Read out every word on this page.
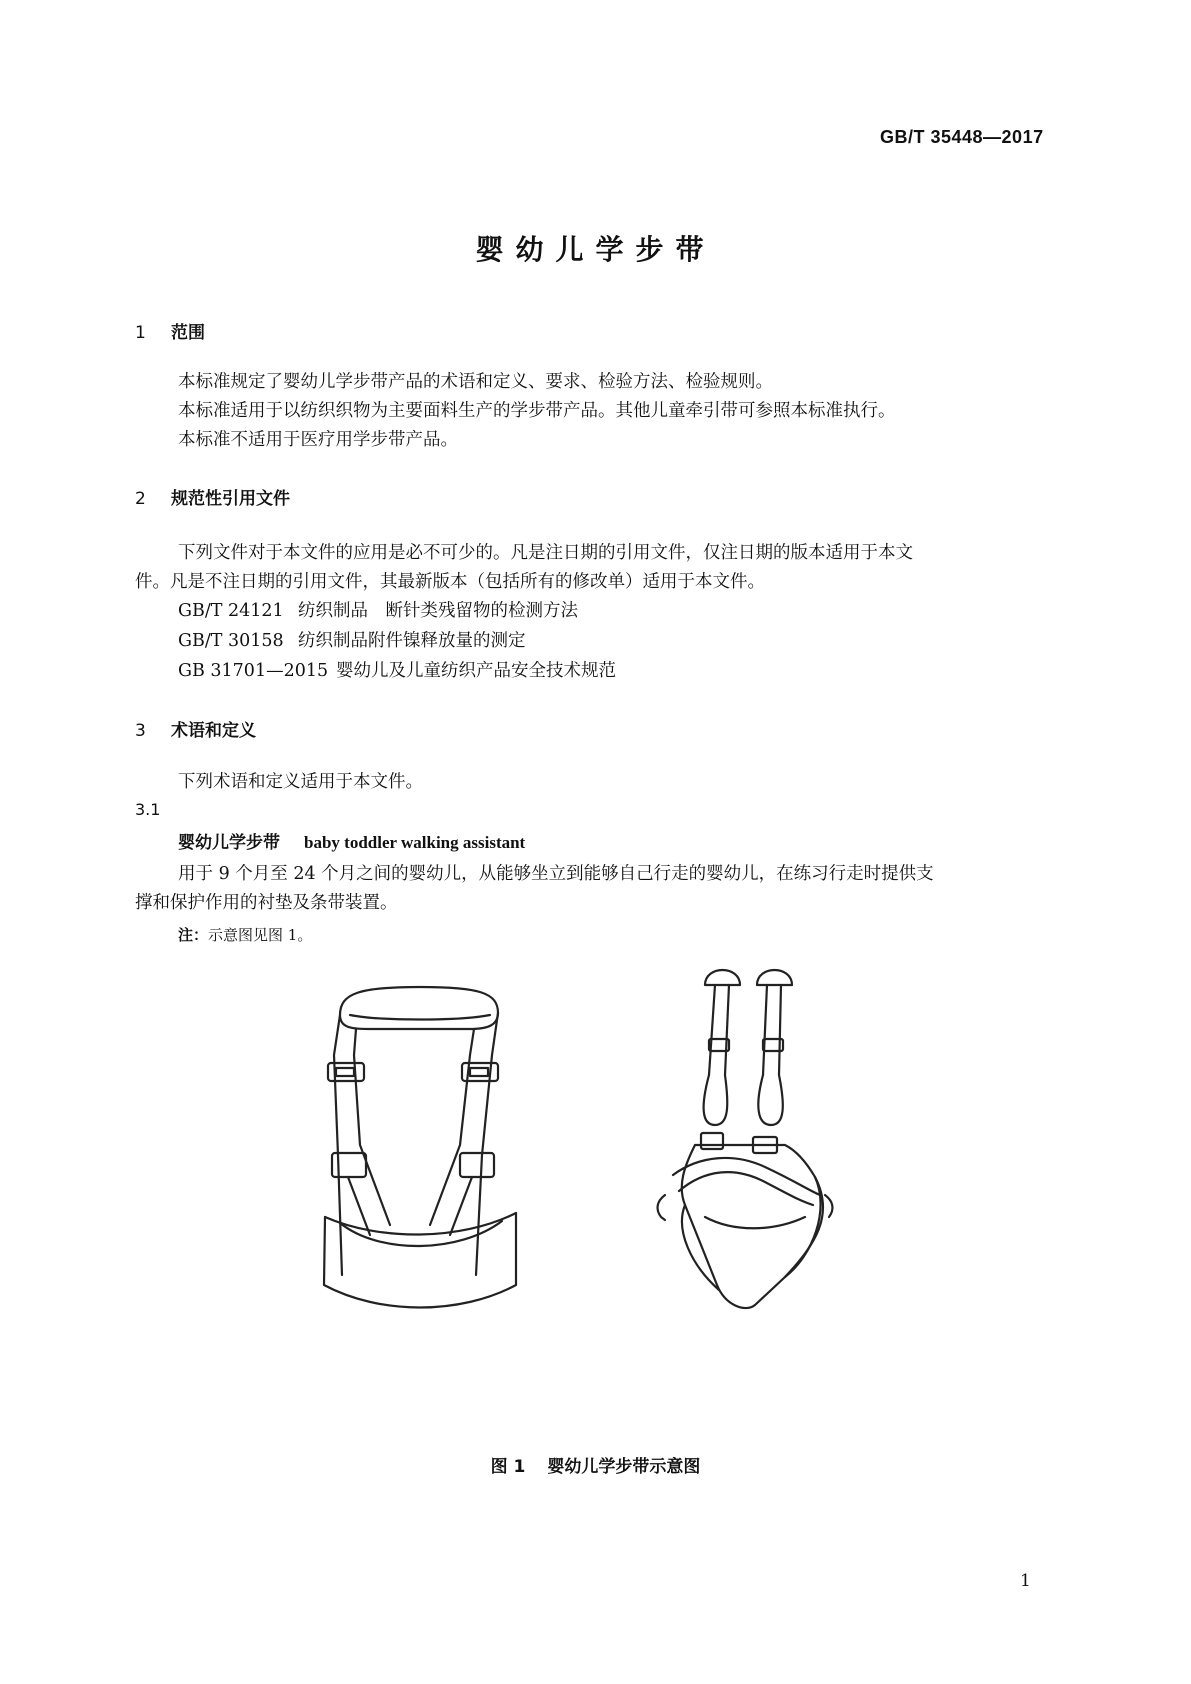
GB/T 35448—2017
婴幼儿学步带
1 范围
本标准规定了婴幼儿学步带产品的术语和定义、要求、检验方法、检验规则。
本标准适用于以纺织织物为主要面料生产的学步带产品。其他儿童牵引带可参照本标准执行。
本标准不适用于医疗用学步带产品。
2 规范性引用文件
下列文件对于本文件的应用是必不可少的。凡是注日期的引用文件，仅注日期的版本适用于本文
件。凡是不注日期的引用文件，其最新版本（包括所有的修改单）适用于本文件。
GB/T 24121 纺织制品　断针类残留物的检测方法
GB/T 30158 纺织制品附件镍释放量的测定
GB 31701—2015 婴幼儿及儿童纺织产品安全技术规范
3 术语和定义
下列术语和定义适用于本文件。
3.1
婴幼儿学步带 baby toddler walking assistant
用于 9 个月至 24 个月之间的婴幼儿，从能够坐立到能够自己行走的婴幼儿，在练习行走时提供支
撑和保护作用的衬垫及条带装置。
注：示意图见图 1。
图 1 婴幼儿学步带示意图
1
